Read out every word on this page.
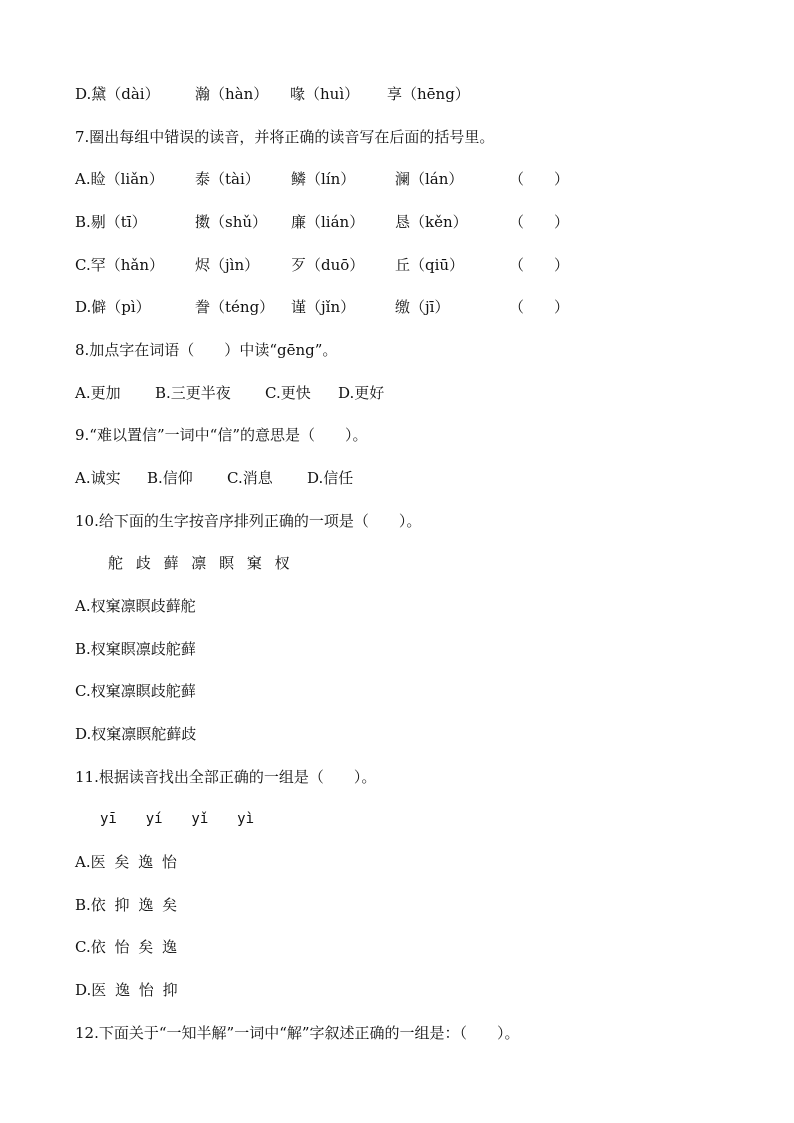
D.黛（dài） 瀚（hàn） 喙（huì） 享（hēng）
7.圈出每组中错误的读音，并将正确的读音写在后面的括号里。
A.睑（liǎn） 泰（tài） 鳞（lín）	澜（lán）	（　　）
B.剔（tī）	擞（shǔ） 廉（lián） 恳（kěn）	（　　）
C.罕（hǎn） 烬（jìn） 歹（duō） 丘（qiū）	（　　）
D.僻（pì）	誊（téng） 谨（jǐn）	缴（jī）	（　　）
8.加点字在词语（　　）中读“gēng”。
A.更加 B.三更半夜 C.更快 D.更好
9.“难以置信”一词中“信”的意思是（　　）。
A.诚实 B.信仰 C.消息 D.信任
10.给下面的生字按音序排列正确的一项是（　　）。
舵 歧 藓 凛 瞑 窠 杈
A.杈窠凛瞑歧藓舵
B.杈窠瞑凛歧舵藓
C.杈窠凛瞑歧舵藓
D.杈窠凛瞑舵藓歧
11.根据读音找出全部正确的一组是（　　）。
yī  yí  yǐ  yì
A.医 矣 逸 怡
B.依 抑 逸 矣
C.依 怡 矣 逸
D.医 逸 怡 抑
12.下面关于“一知半解”一词中“解”字叙述正确的一组是：（　　）。
